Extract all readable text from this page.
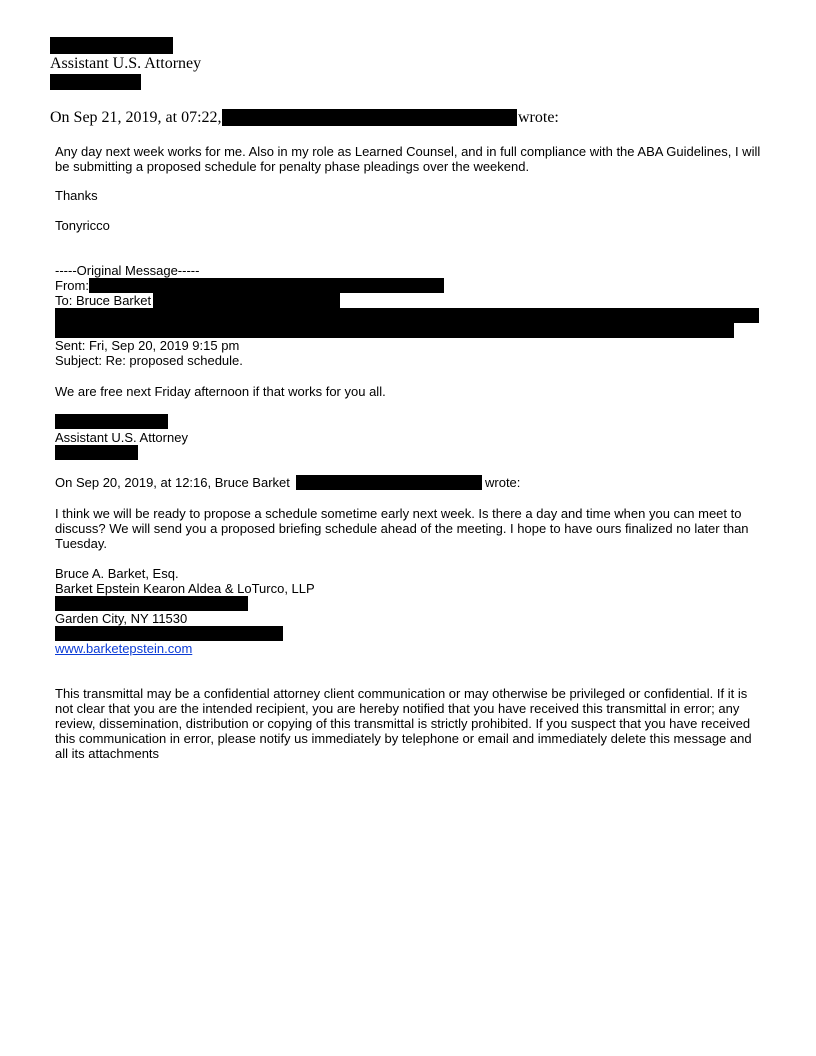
Assistant U.S. Attorney
On Sep 21, 2019, at 07:22,	wrote:
Any day next week works for me. Also in my role as Learned Counsel, and in full compliance with the ABA Guidelines, I will be submitting a proposed schedule for penalty phase pleadings over the weekend.
Thanks
Tonyricco
-----Original Message-----
From:
To: Bruce Barket
Sent: Fri, Sep 20, 2019 9:15 pm
Subject: Re: proposed schedule.
We are free next Friday afternoon if that works for you all.
Assistant U.S. Attorney
On Sep 20, 2019, at 12:16, Bruce Barket	wrote:
I think we will be ready to propose a schedule sometime early next week. Is there a day and time when you can meet to discuss? We will send you a proposed briefing schedule ahead of the meeting. I hope to have ours finalized no later than Tuesday.
Bruce A. Barket, Esq.
Barket Epstein Kearon Aldea & LoTurco, LLP
Garden City, NY 11530
www.barketepstein.com
This transmittal may be a confidential attorney client communication or may otherwise be privileged or confidential. If it is not clear that you are the intended recipient, you are hereby notified that you have received this transmittal in error; any review, dissemination, distribution or copying of this transmittal is strictly prohibited. If you suspect that you have received this communication in error, please notify us immediately by telephone or email and immediately delete this message and all its attachments
